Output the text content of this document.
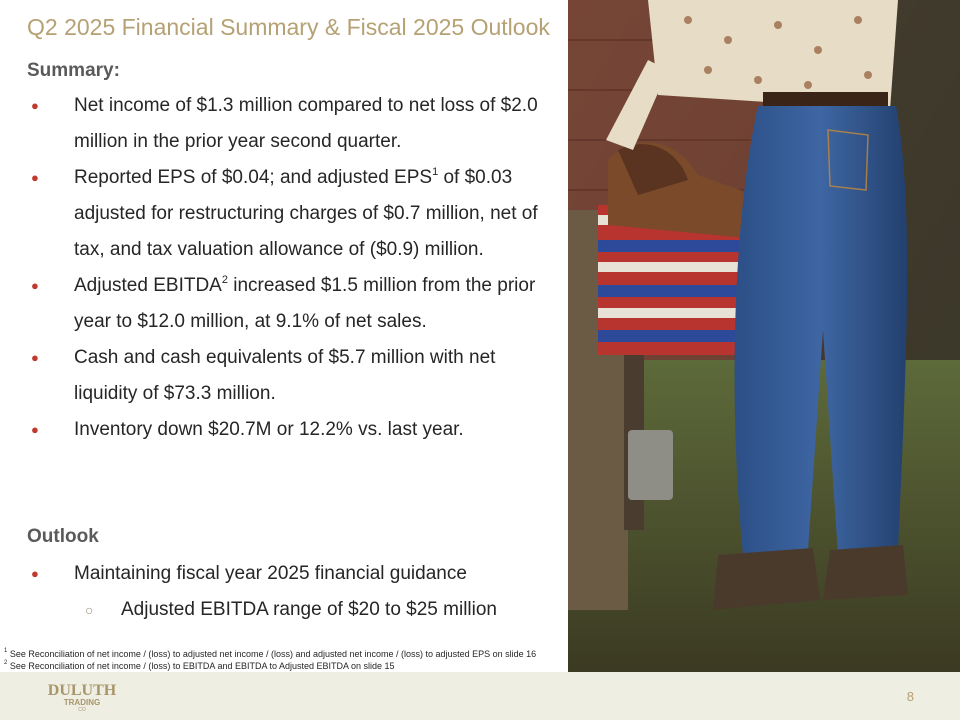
Q2 2025 Financial Summary & Fiscal 2025 Outlook
Summary:
●
Net income of $1.3 million compared to net loss of $2.0 million in the prior year second quarter.
●
Reported EPS of $0.04; and adjusted EPS$^1$ of $0.03 adjusted for restructuring charges of $0.7 million, net of tax, and tax valuation allowance of ($0.9) million.
●
Adjusted EBITDA$^2$ increased $1.5 million from the prior year to $12.0 million, at 9.1% of net sales.
●
Cash and cash equivalents of $5.7 million with net liquidity of $73.3 million.
●
Inventory down $20.7M or 12.2% vs. last year.
Outlook
●
Maintaining fiscal year 2025 financial guidance
○
Adjusted EBITDA range of $20 to $25 million
$^1$ See Reconciliation of net income / (loss) to adjusted net income / (loss) and adjusted net income / (loss) to adjusted EPS on slide 16
$^2$ See Reconciliation of net income / (loss) to EBITDA and EBITDA to Adjusted EBITDA on slide 15
DULUTH
TRADING
CO
8
